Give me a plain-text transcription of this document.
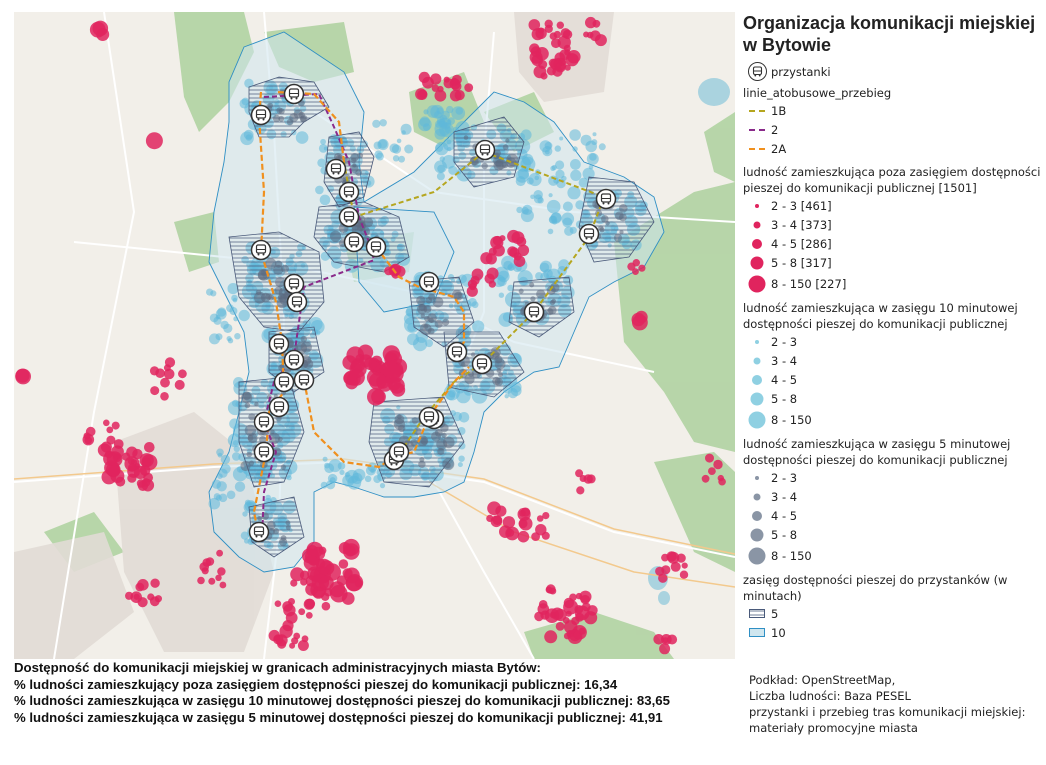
Organizacja komunikacji miejskiej w Bytowie
przystanki
linie_atobusowe_przebieg
1B
2
2A
ludność zamieszkująca poza zasięgiem dostępności pieszej do komunikacji publicznej [1501]
2 - 3 [461]
3 - 4 [373]
4 - 5 [286]
5 - 8 [317]
8 - 150 [227]
ludność zamieszkująca w zasięgu 10 minutowej dostępności pieszej do komunikacji publicznej
2 - 3
3 - 4
4 - 5
5 - 8
8 - 150
ludność zamieszkująca w zasięgu 5 minutowej dostępności pieszej do komunikacji publicznej
2 - 3
3 - 4
4 - 5
5 - 8
8 - 150
zasięg dostępności pieszej do przystanków (w minutach)
5
10
Dostępność do komunikacji miejskiej w granicach administracyjnych miasta Bytów:
% ludności zamieszkujący poza zasięgiem dostępności pieszej do komunikacji publicznej: 16,34
% ludności zamieszkująca w zasięgu 10 minutowej dostępności pieszej do komunikacji publicznej: 83,65
% ludności zamieszkująca w zasięgu 5 minutowej dostępności pieszej do komunikacji publicznej: 41,91
Podkład: OpenStreetMap,
Liczba ludności: Baza PESEL
przystanki i przebieg tras komunikacji miejskiej:
materiały promocyjne miasta
